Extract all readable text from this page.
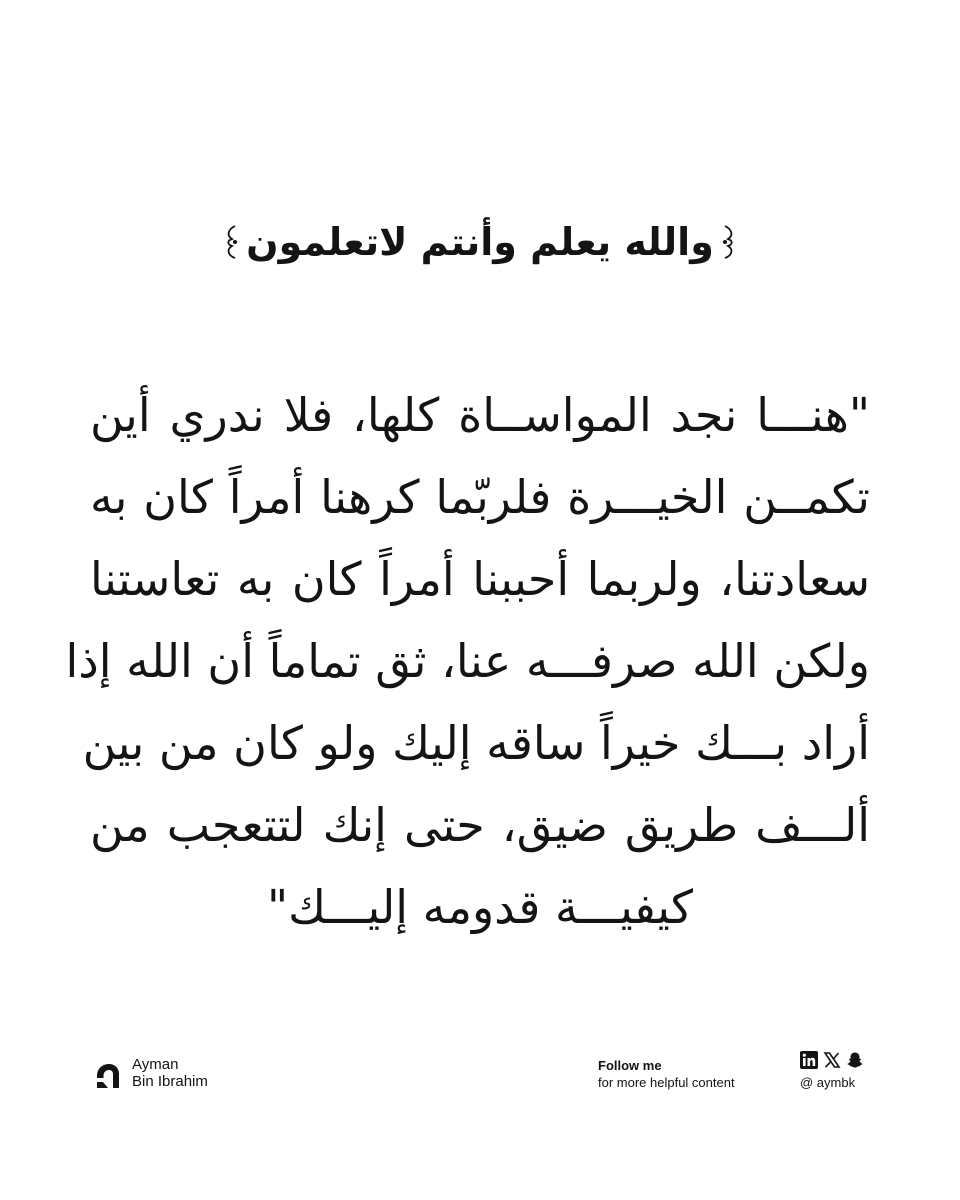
والله يعلم وأنتم لاتعلمون
"هنـــا نجد المواســاة كلها، فلا ندري أين
تكمــن الخيـــرة فلربّما كرهنا أمراً كان به
سعادتنا، ولربما أحببنا أمراً كان به تعاستنا
ولكن الله صرفـــه عنا، ثق تماماً أن الله إذا
أراد بـــك خيراً ساقه إليك ولو كان من بين
ألـــف طريق ضيق، حتى إنك لتتعجب من
كيفيـــة قدومه إليـــك"
Ayman
Bin Ibrahim
Follow me
for more helpful content	@ aymbk
